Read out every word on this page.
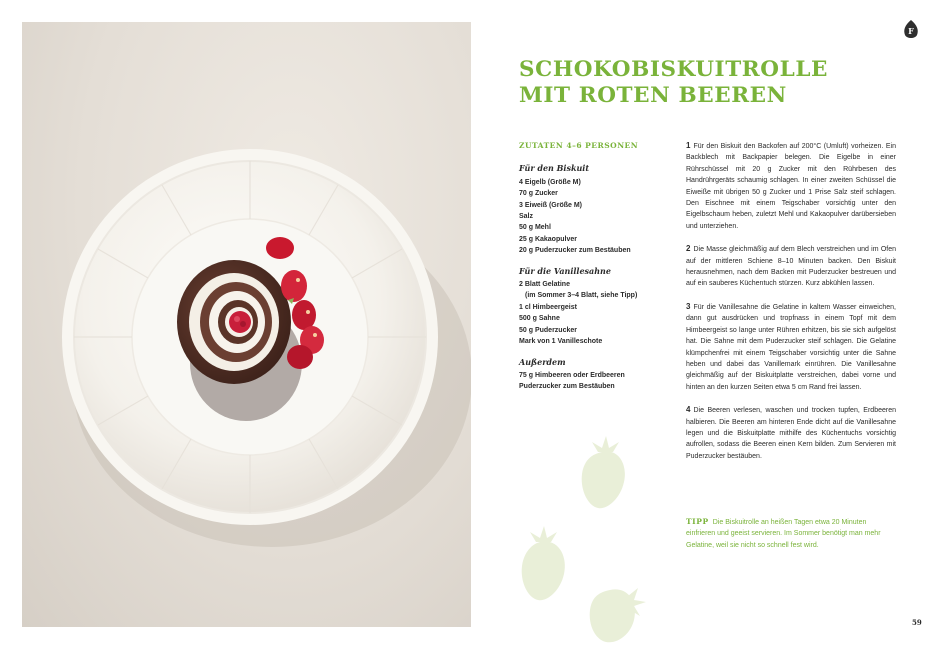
F
SCHOKOBISKUITROLLE
MIT ROTEN BEEREN
ZUTATEN 4–6 PERSONEN
Für den Biskuit
4 Eigelb (Größe M)
70 g Zucker
3 Eiweiß (Größe M)
Salz
50 g Mehl
25 g Kakaopulver
20 g Puderzucker zum Bestäuben
Für die Vanillesahne
2 Blatt Gelatine
(im Sommer 3–4 Blatt, siehe Tipp)
1 cl Himbeergeist
500 g Sahne
50 g Puderzucker
Mark von 1 Vanilleschote
Außerdem
75 g Himbeeren oder Erdbeeren
Puderzucker zum Bestäuben

1 Für den Biskuit den Backofen auf 200°C (Umluft) vorheizen. Ein Backblech mit Backpapier belegen. Die Eigelbe in einer Rührschüssel mit 20 g Zucker mit den Rührbesen des Handrührgeräts schaumig schlagen. In einer zweiten Schüssel die Eiweiße mit übrigen 50 g Zucker und 1 Prise Salz steif schlagen. Den Eischnee mit einem Teigschaber vorsichtig unter den Eigelbschaum heben, zuletzt Mehl und Kakaopulver darübersieben und unterziehen.

2 Die Masse gleichmäßig auf dem Blech verstreichen und im Ofen auf der mittleren Schiene 8–10 Minuten backen. Den Biskuit herausnehmen, nach dem Backen mit Puderzucker bestreuen und auf ein sauberes Küchentuch stürzen. Kurz abkühlen lassen.

3 Für die Vanillesahne die Gelatine in kaltem Wasser einweichen, dann gut ausdrücken und tropfnass in einem Topf mit dem Himbeergeist so lange unter Rühren erhitzen, bis sie sich aufgelöst hat. Die Sahne mit dem Puderzucker steif schlagen. Die Gelatine klümpchenfrei mit einem Teigschaber vorsichtig unter die Sahne heben und dabei das Vanillemark einrühren. Die Vanillesahne gleichmäßig auf der Biskuitplatte verstreichen, dabei vorne und hinten an den kurzen Seiten etwa 5 cm Rand frei lassen.

4 Die Beeren verlesen, waschen und trocken tupfen, Erdbeeren halbieren. Die Beeren am hinteren Ende dicht auf die Vanillesahne legen und die Biskuitplatte mithilfe des Küchentuchs vorsichtig aufrollen, sodass die Beeren einen Kern bilden. Zum Servieren mit Puderzucker bestäuben.

TIPP Die Biskuitrolle an heißen Tagen etwa 20 Minuten einfrieren und geeist servieren. Im Sommer benötigt man mehr Gelatine, weil sie nicht so schnell fest wird.
59
